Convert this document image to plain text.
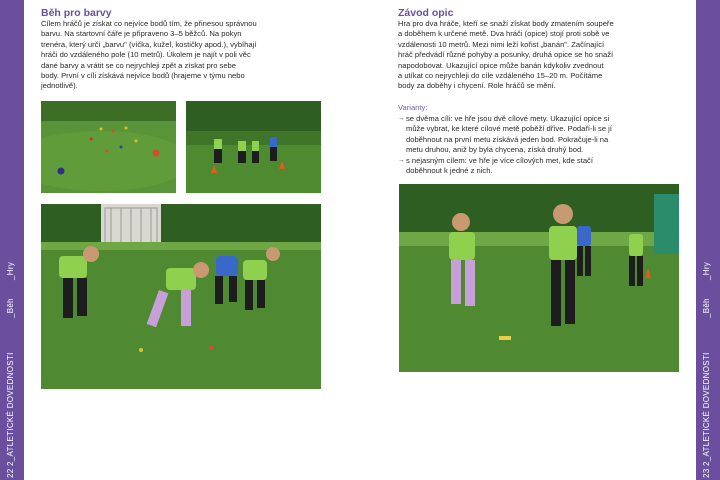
22
2_ATLETICKÉ DOVEDNOSTI
_Běh
_Hry
Běh pro barvy

Cílem hráčů je získat co nejvíce bodů tím, že přinesou správnou

barvu. Na startovní čáře je připraveno 3–5 běžců. Na pokyn

trenéra, který určí „barvu" (víčka, kužel, kostičky apod.), vybíhají

hráči do vzdáleného pole (10 metrů). Úkolem je najít v poli věc

dané barvy a vrátit se co nejrychleji zpět a získat pro sebe

body. První v cíli získává nejvíce bodů (hrajeme v týmu nebo

jednotlivě).

Závod opic

Hra pro dva hráče, kteří se snaží získat body zmatením soupeře

a doběhem k určené metě. Dva hráči (opice) stojí proti sobě ve

vzdálenosti 10 metrů. Mezi nimi leží kořist „banán". Začínající

hráč předvádí různé pohyby a posunky, druhá opice se ho snaží

napodobovat. Ukazující opice může banán kdykoliv zvednout

a utíkat co nejrychleji do cíle vzdáleného 15–20 m. Počítáme

body za doběhy i chycení. Role hráčů se mění.

Varianty:
→ se dvěma cíli: ve hře jsou dvě cílové mety. Ukazující opice si
může vybrat, ke které cílové metě poběží dříve. Podaří-li se jí
doběhnout na první metu získává jeden bod. Pokračuje-li na
metu druhou, aniž by byla chycena, získá druhý bod.
→ s nejasným cílem: ve hře je více cílových met, kde stačí
doběhnout k jedné z nich.
23
2_ATLETICKÉ DOVEDNOSTI
_Běh
_Hry
